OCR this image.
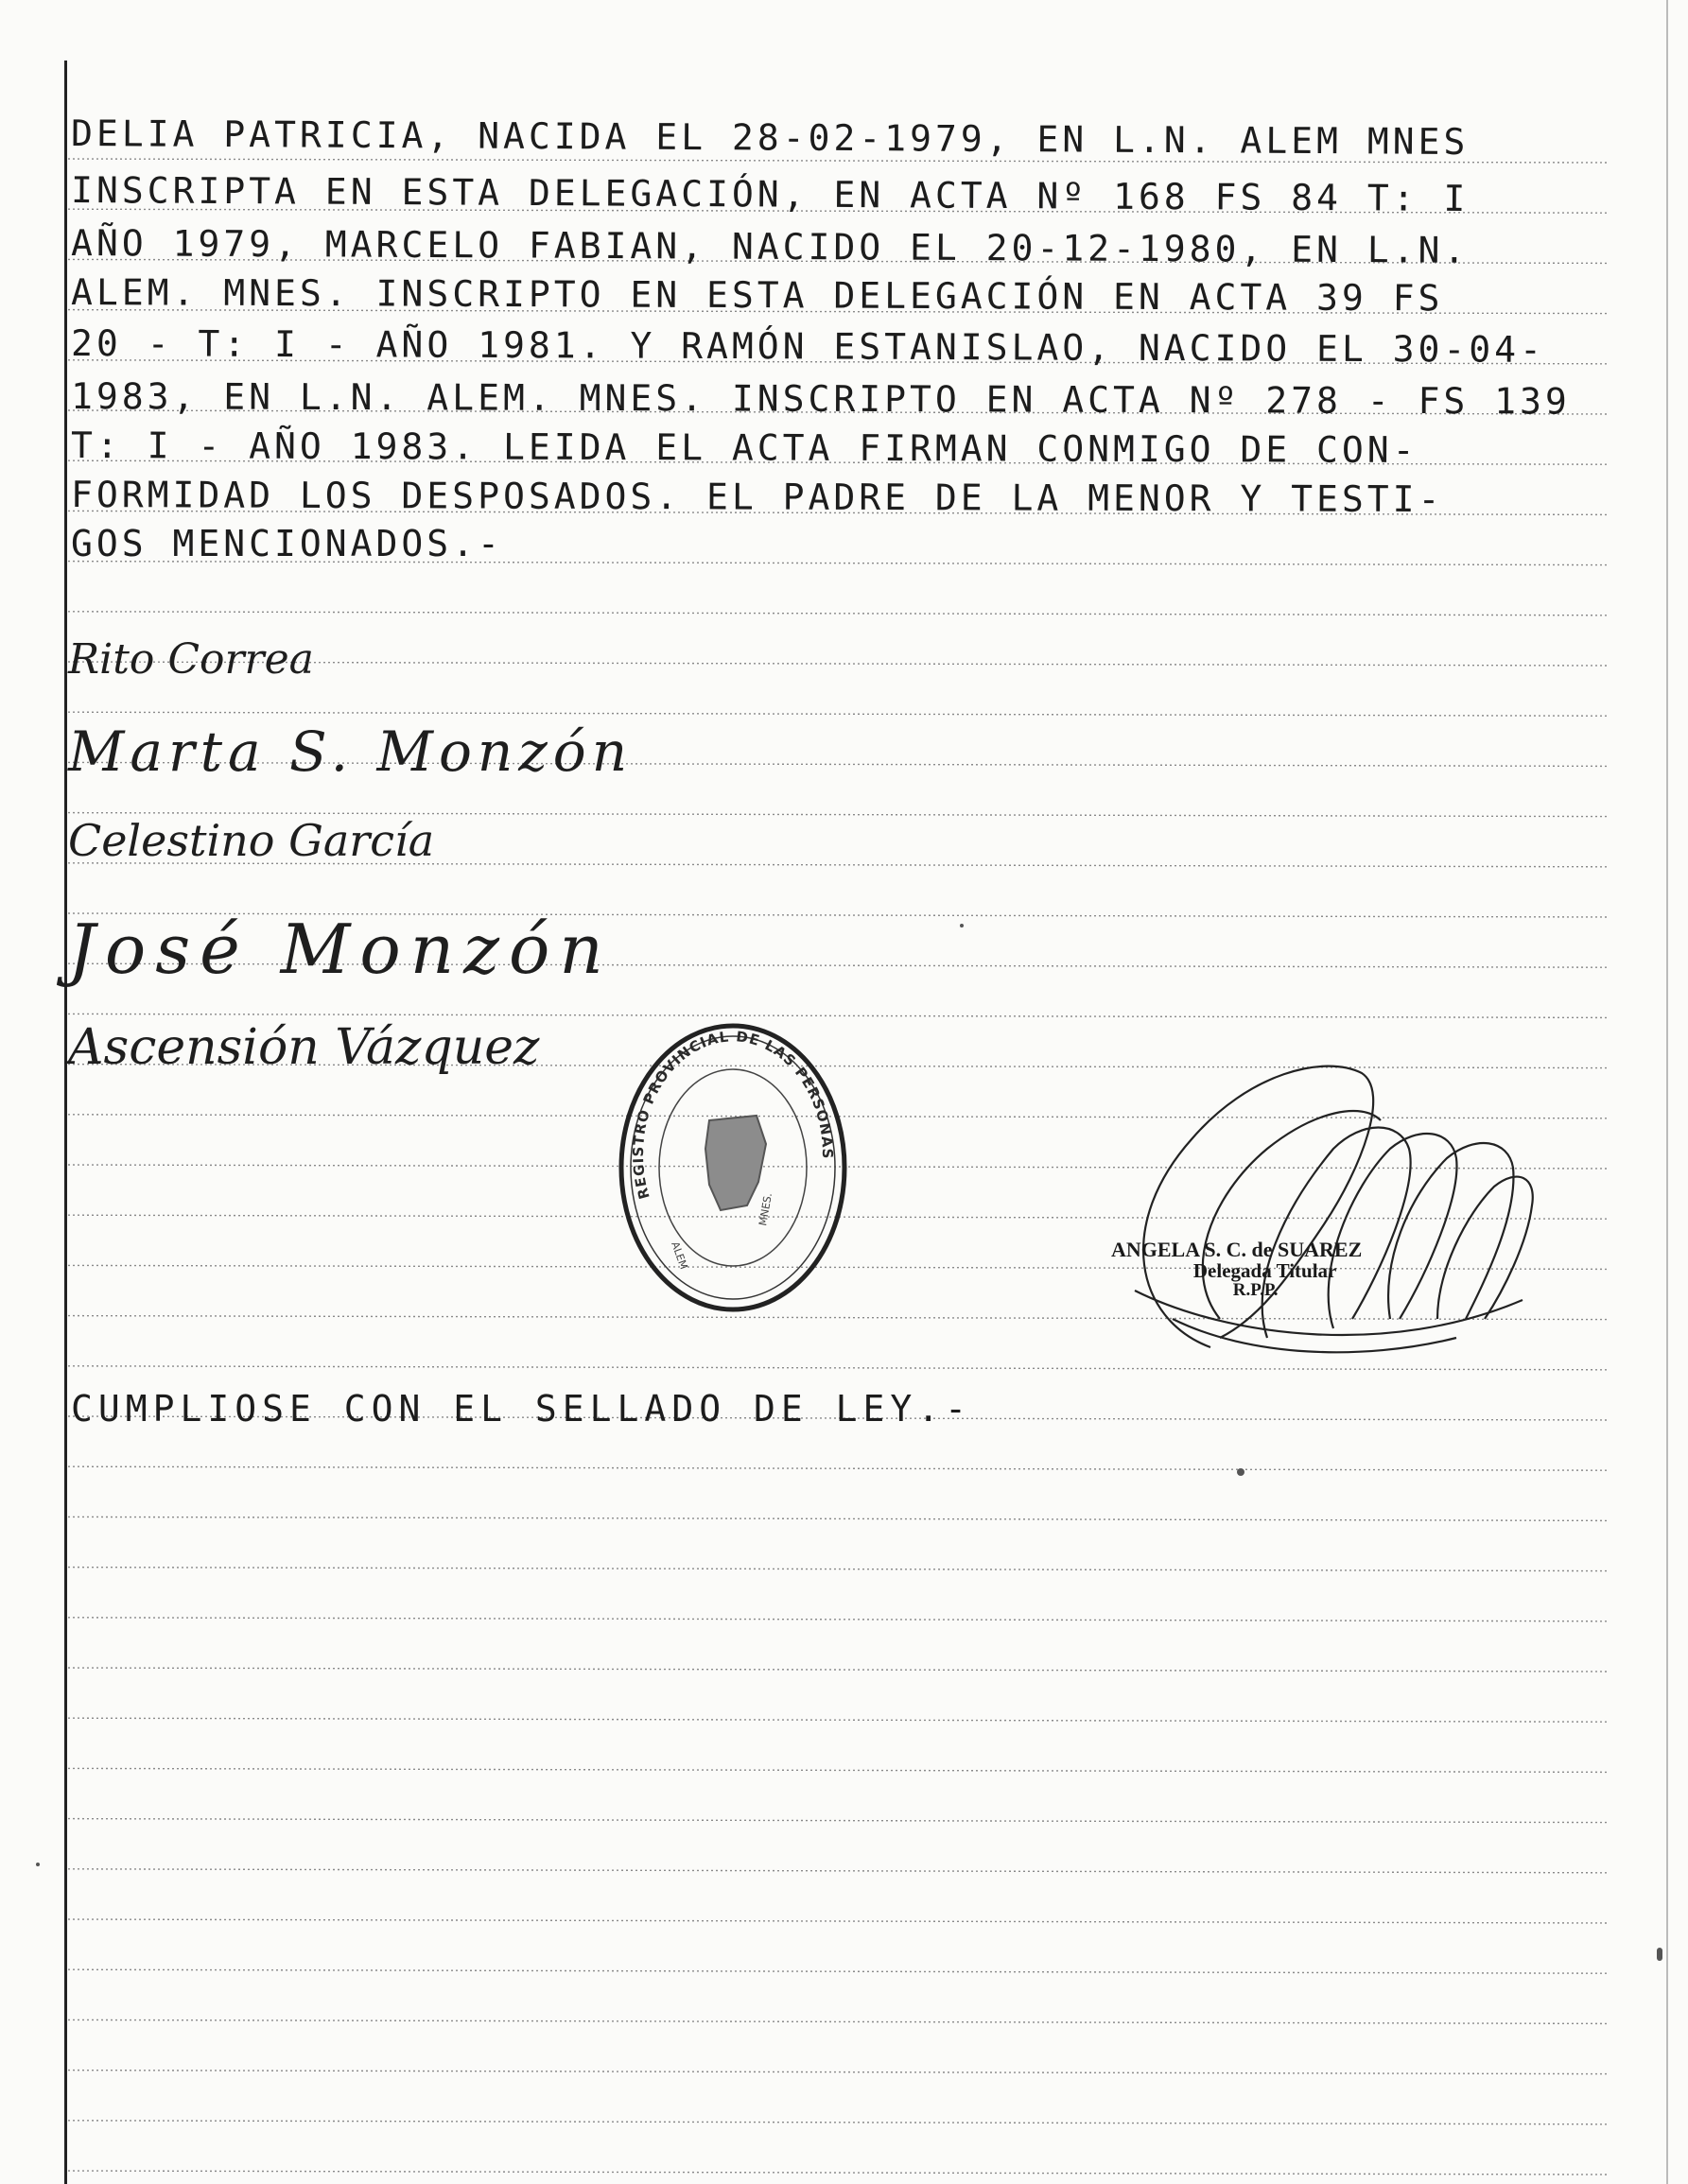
DELIA PATRICIA, NACIDA EL 28-02-1979, EN L.N. ALEM MNES
INSCRIPTA EN ESTA DELEGACIÓN, EN ACTA Nº 168 FS 84 T: I
AÑO 1979, MARCELO FABIAN, NACIDO EL 20-12-1980, EN L.N.
ALEM. MNES. INSCRIPTO EN ESTA DELEGACIÓN EN ACTA 39 FS
20 - T: I - AÑO 1981. Y RAMÓN ESTANISLAO, NACIDO EL 30-04-
1983, EN L.N. ALEM. MNES. INSCRIPTO EN ACTA Nº 278 - FS 139
T: I - AÑO 1983. LEIDA EL ACTA FIRMAN CONMIGO DE CON-
FORMIDAD LOS DESPOSADOS. EL PADRE DE LA MENOR Y TESTI-
GOS MENCIONADOS.-
Rito Correa
Marta S. Monzón
Celestino García
José Monzón
Ascensión Vázquez
REGISTRO PROVINCIAL DE LAS PERSONAS
ALEM
MNES.
ANGELA S. C. de SUAREZ
Delegada Titular
R.P.P.
CUMPLIOSE CON EL SELLADO DE LEY.-
